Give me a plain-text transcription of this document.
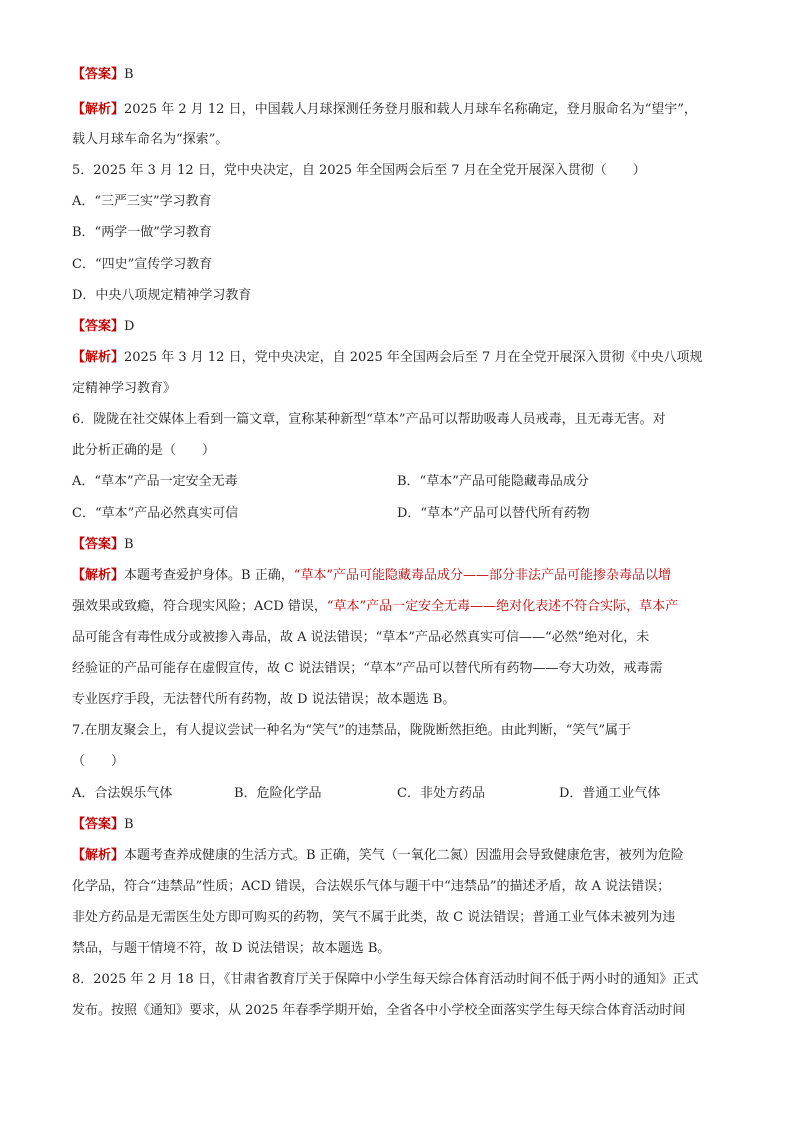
【答案】B
【解析】2025 年 2 月 12 日，中国载人月球探测任务登月服和载人月球车名称确定，登月服命名为“望宇”，
载人月球车命名为“探索”。
5．2025 年 3 月 12 日，党中央决定，自 2025 年全国两会后至 7 月在全党开展深入贯彻（　　）
A．“三严三实”学习教育
B．“两学一做”学习教育
C．“四史”宣传学习教育
D．中央八项规定精神学习教育
【答案】D
【解析】2025 年 3 月 12 日，党中央决定，自 2025 年全国两会后至 7 月在全党开展深入贯彻《中央八项规
定精神学习教育》
6．陇陇在社交媒体上看到一篇文章，宣称某种新型“草本”产品可以帮助吸毒人员戒毒，且无毒无害。对
此分析正确的是（　　）
A．“草本”产品一定安全无毒	B．“草本”产品可能隐藏毒品成分
C．“草本”产品必然真实可信	D．“草本”产品可以替代所有药物
【答案】B
【解析】本题考查爱护身体。B 正确，“草本”产品可能隐藏毒品成分——部分非法产品可能掺杂毒品以增
强效果或致瘾，符合现实风险；ACD 错误，“草本”产品一定安全无毒——绝对化表述不符合实际，草本产
品可能含有毒性成分或被掺入毒品，故 A 说法错误；“草本”产品必然真实可信——“必然”绝对化，未
经验证的产品可能存在虚假宣传，故 C 说法错误；“草本”产品可以替代所有药物——夸大功效，戒毒需
专业医疗手段，无法替代所有药物，故 D 说法错误；故本题选 B。
7.在朋友聚会上，有人提议尝试一种名为“笑气”的违禁品，陇陇断然拒绝。由此判断，“笑气”属于
（　　）
A．合法娱乐气体	B．危险化学品	C．非处方药品	D．普通工业气体
【答案】B
【解析】本题考查养成健康的生活方式。B 正确，笑气（一氧化二氮）因滥用会导致健康危害，被列为危险
化学品，符合“违禁品”性质；ACD 错误，合法娱乐气体与题干中“违禁品”的描述矛盾，故 A 说法错误；
非处方药品是无需医生处方即可购买的药物，笑气不属于此类，故 C 说法错误；普通工业气体未被列为违
禁品，与题干情境不符，故 D 说法错误；故本题选 B。
8．2025 年 2 月 18 日，《甘肃省教育厅关于保障中小学生每天综合体育活动时间不低于两小时的通知》正式
发布。按照《通知》要求，从 2025 年春季学期开始，全省各中小学校全面落实学生每天综合体育活动时间
